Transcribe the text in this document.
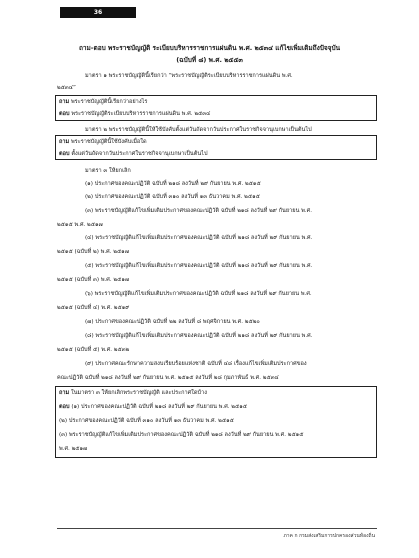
36
ถาม-ตอบ พระราชบัญญัติ ระเบียบบริหารราชการแผ่นดิน พ.ศ. ๒๕๓๔ แก้ไขเพิ่มเติมถึงปัจจุบัน
(ฉบับที่ ๘) พ.ศ. ๒๕๕๓
มาตรา ๑ พระราชบัญญัตินี้เรียกว่า “พระราชบัญญัติระเบียบบริหารราชการแผ่นดิน พ.ศ.
๒๕๓๔”
ถาม พระราชบัญญัตินี้เรียกว่าอย่างไร
ตอบ พระราชบัญญัติระเบียบบริหารราชการแผ่นดิน พ.ศ. ๒๕๓๔
มาตรา ๒ พระราชบัญญัตินี้ให้ใช้บังคับตั้งแต่วันถัดจากวันประกาศในราชกิจจานุเบกษาเป็นต้นไป
ถาม พระราชบัญญัตินี้ใช้บังคับเมื่อใด
ตอบ ตั้งแต่วันถัดจากวันประกาศในราชกิจจานุเบกษาเป็นต้นไป
มาตรา ๓ ให้ยกเลิก
(๑) ประกาศของคณะปฏิวัติ ฉบับที่ ๒๑๘ ลงวันที่ ๒๙ กันยายน พ.ศ. ๒๕๑๕
(๒) ประกาศของคณะปฏิวัติ ฉบับที่ ๓๑๐ ลงวันที่ ๑๓ ธันวาคม พ.ศ. ๒๕๑๕
(๓) พระราชบัญญัติแก้ไขเพิ่มเติมประกาศของคณะปฏิวัติ ฉบับที่ ๒๑๘ ลงวันที่ ๒๙ กันยายน พ.ศ.
๒๕๑๕ พ.ศ. ๒๕๑๗
(๔) พระราชบัญญัติแก้ไขเพิ่มเติมประกาศของคณะปฏิวัติ ฉบับที่ ๒๑๘ ลงวันที่ ๒๙ กันยายน พ.ศ.
๒๕๑๕ (ฉบับที่ ๒) พ.ศ. ๒๕๑๗
(๕) พระราชบัญญัติแก้ไขเพิ่มเติมประกาศของคณะปฏิวัติ ฉบับที่ ๒๑๘ ลงวันที่ ๒๙ กันยายน พ.ศ.
๒๕๑๕ (ฉบับที่ ๓) พ.ศ. ๒๕๑๗
(๖) พระราชบัญญัติแก้ไขเพิ่มเติมประกาศของคณะปฏิวัติ ฉบับที่ ๒๑๘ ลงวันที่ ๒๙ กันยายน พ.ศ.
๒๕๑๕ (ฉบับที่ ๔) พ.ศ. ๒๕๑๙
(๗) ประกาศของคณะปฏิวัติ ฉบับที่ ๒๒ ลงวันที่ ๘ พฤศจิกายน พ.ศ. ๒๕๒๐
(๘) พระราชบัญญัติแก้ไขเพิ่มเติมประกาศของคณะปฏิวัติ ฉบับที่ ๒๑๘ ลงวันที่ ๒๙ กันยายน พ.ศ.
๒๕๑๕ (ฉบับที่ ๕) พ.ศ. ๒๕๓๒
(๙) ประกาศคณะรักษาความสงบเรียบร้อยแห่งชาติ ฉบับที่ ๔๘ เรื่องแก้ไขเพิ่มเติมประกาศของ
คณะปฏิวัติ ฉบับที่ ๒๑๘ ลงวันที่ ๒๙ กันยายน พ.ศ. ๒๕๑๕ ลงวันที่ ๒๘ กุมภาพันธ์ พ.ศ. ๒๕๓๔
ถาม ในมาตรา ๓ ให้ยกเลิกพระราชบัญญัติ และประกาศใดบ้าง
ตอบ (๑) ประกาศของคณะปฏิวัติ ฉบับที่ ๒๑๘ ลงวันที่ ๒๙ กันยายน พ.ศ. ๒๕๑๕
(๒) ประกาศของคณะปฏิวัติ ฉบับที่ ๓๑๐ ลงวันที่ ๑๓ ธันวาคม พ.ศ. ๒๕๑๕
(๓) พระราชบัญญัติแก้ไขเพิ่มเติมประกาศของคณะปฏิวัติ ฉบับที่ ๒๑๘ ลงวันที่ ๒๙ กันยายน พ.ศ. ๒๕๑๕
พ.ศ. ๒๕๑๗
ภาค ก กรมส่งเสริมการปกครองส่วนท้องถิ่น
